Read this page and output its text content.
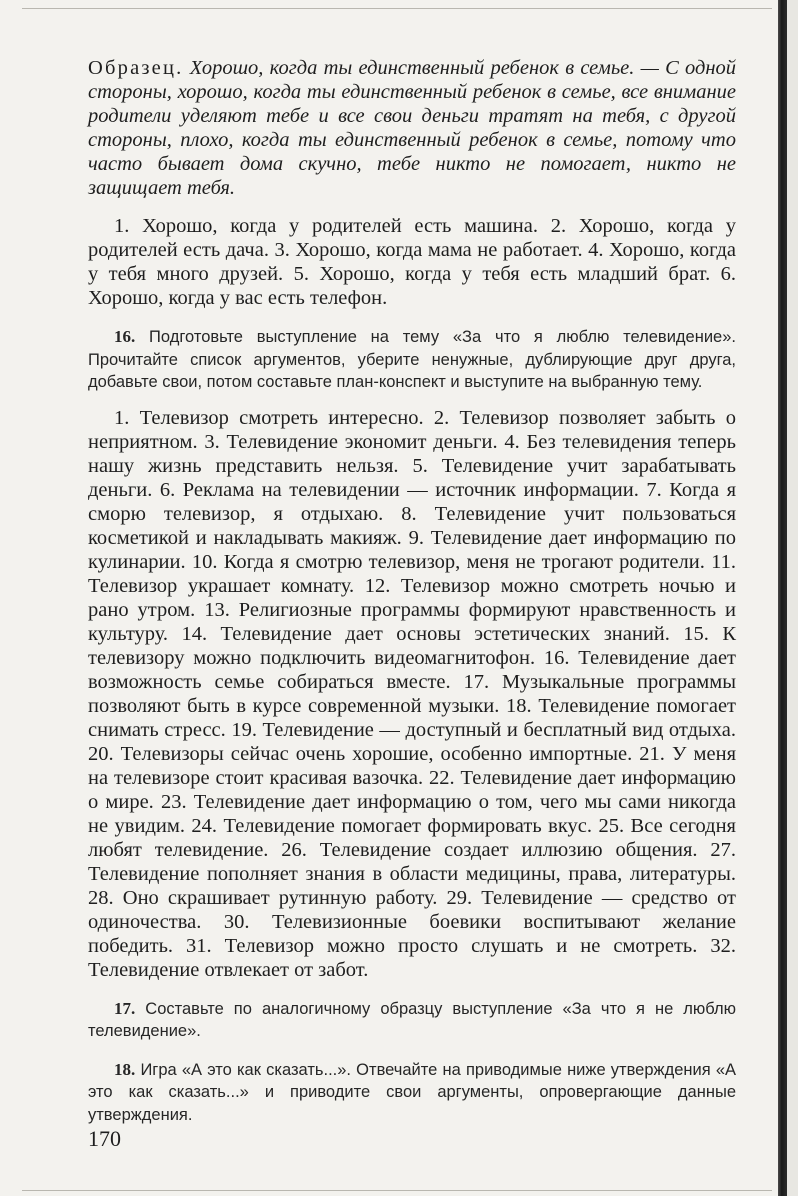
Образец. Хорошо, когда ты единственный ребенок в семье. — С одной стороны, хорошо, когда ты единственный ребенок в семье, все внимание родители уделяют тебе и все свои деньги тратят на тебя, с другой стороны, плохо, когда ты единственный ребенок в семье, потому что часто бывает дома скучно, тебе никто не помогает, никто не защищает тебя.

1. Хорошо, когда у родителей есть машина. 2. Хорошо, когда у родителей есть дача. 3. Хорошо, когда мама не работает. 4. Хорошо, когда у тебя много друзей. 5. Хорошо, когда у тебя есть младший брат. 6. Хорошо, когда у вас есть телефон.

16. Подготовьте выступление на тему «За что я люблю телевидение». Прочитайте список аргументов, уберите ненужные, дублирующие друг друга, добавьте свои, потом составьте план-конспект и выступите на выбранную тему.

1. Телевизор смотреть интересно. 2. Телевизор позволяет забыть о неприятном. 3. Телевидение экономит деньги. 4. Без телевидения теперь нашу жизнь представить нельзя. 5. Телевидение учит зарабатывать деньги. 6. Реклама на телевидении — источник информации. 7. Когда я сморю телевизор, я отдыхаю. 8. Телевидение учит пользоваться косметикой и накладывать макияж. 9. Телевидение дает информацию по кулинарии. 10. Когда я смотрю телевизор, меня не трогают родители. 11. Телевизор украшает комнату. 12. Телевизор можно смотреть ночью и рано утром. 13. Религиозные программы формируют нравственность и культуру. 14. Телевидение дает основы эстетических знаний. 15. К телевизору можно подключить видеомагнитофон. 16. Телевидение дает возможность семье собираться вместе. 17. Музыкальные программы позволяют быть в курсе современной музыки. 18. Телевидение помогает снимать стресс. 19. Телевидение — доступный и бесплатный вид отдыха. 20. Телевизоры сейчас очень хорошие, особенно импортные. 21. У меня на телевизоре стоит красивая вазочка. 22. Телевидение дает информацию о мире. 23. Телевидение дает информацию о том, чего мы сами никогда не увидим. 24. Телевидение помогает формировать вкус. 25. Все сегодня любят телевидение. 26. Телевидение создает иллюзию общения. 27. Телевидение пополняет знания в области медицины, права, литературы. 28. Оно скрашивает рутинную работу. 29. Телевидение — средство от одиночества. 30. Телевизионные боевики воспитывают желание победить. 31. Телевизор можно просто слушать и не смотреть. 32. Телевидение отвлекает от забот.

17. Составьте по аналогичному образцу выступление «За что я не люблю телевидение».

18. Игра «А это как сказать...». Отвечайте на приводимые ниже утверждения «А это как сказать...» и приводите свои аргументы, опровергающие данные утверждения.

170
